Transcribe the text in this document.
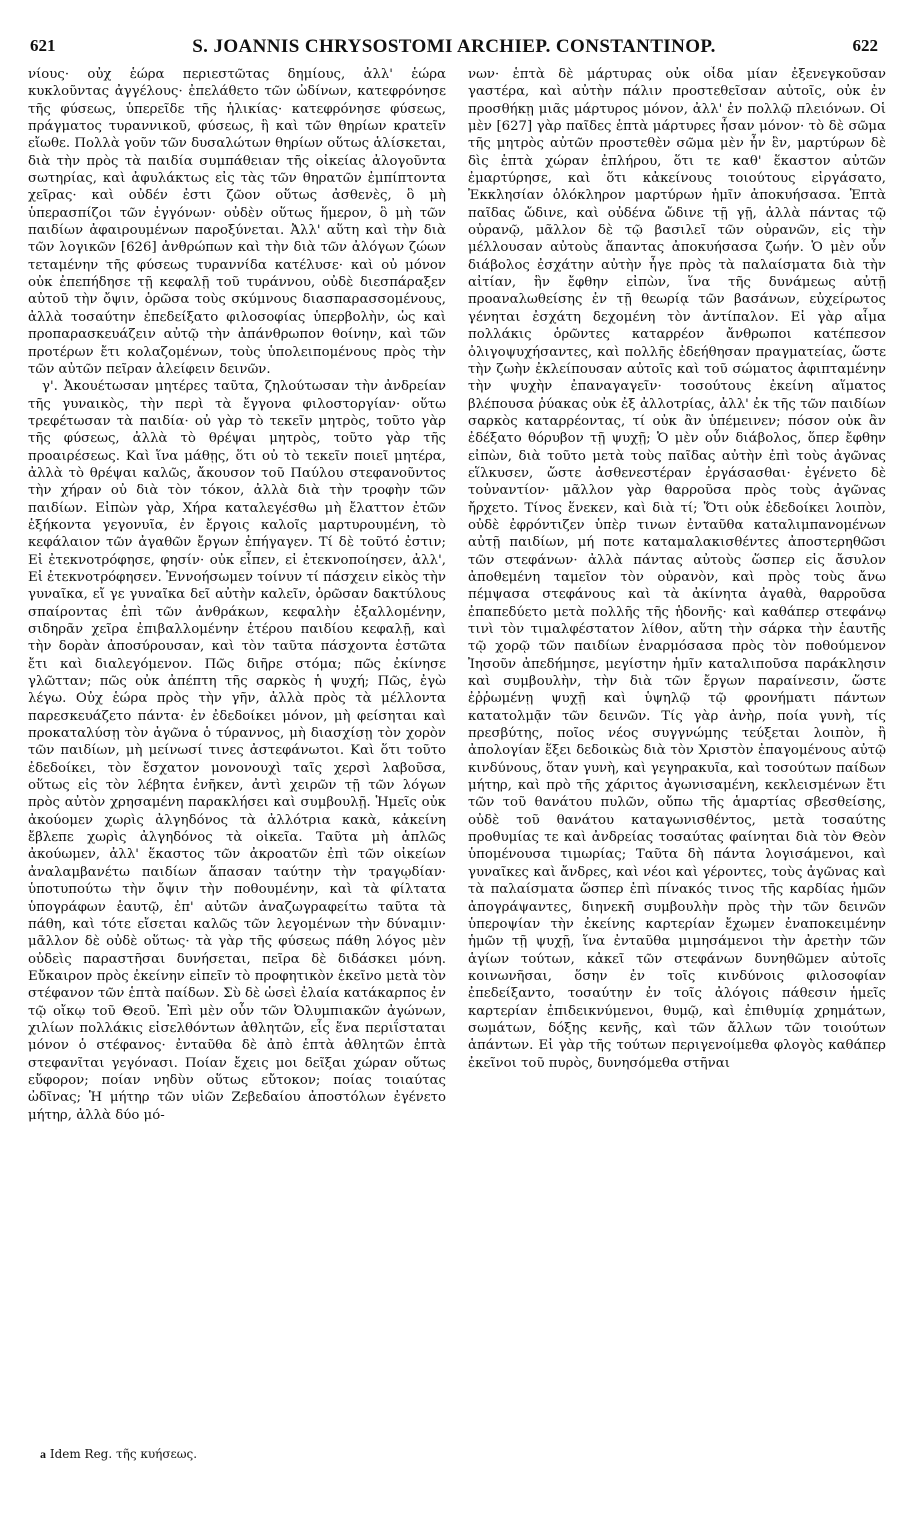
621	S. JOANNIS CHRYSOSTOMI ARCHIEP. CONSTANTINOP.	622

νίους· οὐχ ἑώρα περιεστῶτας δημίους, ἀλλ' ἑώρα κυκλοῦντας ἀγγέλους· ἐπελάθετο τῶν ὠδίνων, κατεφρόνησε τῆς φύσεως, ὑπερεῖδε τῆς ἡλικίας· κατεφρόνησε φύσεως, πράγματος τυραννικοῦ, φύσεως, ἣ καὶ τῶν θηρίων κρατεῖν εἴωθε. Πολλὰ γοῦν τῶν δυσαλώτων θηρίων οὕτως ἁλίσκεται, διὰ τὴν πρὸς τὰ παιδία συμπάθειαν τῆς οἰκείας ἀλογοῦντα σωτηρίας, καὶ ἀφυλάκτως εἰς τὰς τῶν θηρατῶν ἐμπίπτοντα χεῖρας· καὶ οὐδέν ἐστι ζῶον οὕτως ἀσθενὲς, ὃ μὴ ὑπερασπίζοι τῶν ἐγγόνων· οὐδὲν οὕτως ἥμερον, ὃ μὴ τῶν παιδίων ἀφαιρουμένων παροξύνεται. Ἀλλ' αὕτη καὶ τὴν διὰ τῶν λογικῶν [626] ἀνθρώπων καὶ τὴν διὰ τῶν ἀλόγων ζώων τεταμένην τῆς φύσεως τυραννίδα κατέλυσε· καὶ οὐ μόνον οὐκ ἐπεπήδησε τῇ κεφαλῇ τοῦ τυράννου, οὐδὲ διεσπάραξεν αὐτοῦ τὴν ὄψιν, ὁρῶσα τοὺς σκύμνους διασπαρασσομένους, ἀλλὰ τοσαύτην ἐπεδείξατο φιλοσοφίας ὑπερβολὴν, ὡς καὶ προπαρασκευάζειν αὐτῷ τὴν ἀπάνθρωπον θοίνην, καὶ τῶν προτέρων ἔτι κολαζομένων, τοὺς ὑπολειπομένους πρὸς τὴν τῶν αὐτῶν πεῖραν ἀλείφειν δεινῶν.

γ'. Ἀκουέτωσαν μητέρες ταῦτα, ζηλούτωσαν τὴν ἀνδρείαν τῆς γυναικὸς, τὴν περὶ τὰ ἔγγονα φιλοστοργίαν· οὕτω τρεφέτωσαν τὰ παιδία· οὐ γὰρ τὸ τεκεῖν μητρὸς, τοῦτο γὰρ τῆς φύσεως, ἀλλὰ τὸ θρέψαι μητρὸς, τοῦτο γὰρ τῆς προαιρέσεως. Καὶ ἵνα μάθῃς, ὅτι οὐ τὸ τεκεῖν ποιεῖ μητέρα, ἀλλὰ τὸ θρέψαι καλῶς, ἄκουσον τοῦ Παύλου στεφανοῦντος τὴν χήραν οὐ διὰ τὸν τόκον, ἀλλὰ διὰ τὴν τροφὴν τῶν παιδίων. Εἰπὼν γὰρ, Χήρα καταλεγέσθω μὴ ἔλαττον ἐτῶν ἑξήκοντα γεγονυῖα, ἐν ἔργοις καλοῖς μαρτυρουμένη, τὸ κεφάλαιον τῶν ἀγαθῶν ἔργων ἐπήγαγεν. Τί δὲ τοῦτό ἐστιν; Εἰ ἐτεκνοτρόφησε, φησίν· οὐκ εἶπεν, εἰ ἐτεκνοποίησεν, ἀλλ', Εἰ ἐτεκνοτρόφησεν. Ἐννοήσωμεν τοίνυν τί πάσχειν εἰκὸς τὴν γυναῖκα, εἴ γε γυναῖκα δεῖ αὐτὴν καλεῖν, ὁρῶσαν δακτύλους σπαίροντας ἐπὶ τῶν ἀνθράκων, κεφαλὴν ἐξαλλομένην, σιδηρᾶν χεῖρα ἐπιβαλλομένην ἑτέρου παιδίου κεφαλῇ, καὶ τὴν δορὰν ἀποσύρουσαν, καὶ τὸν ταῦτα πάσχοντα ἑστῶτα ἔτι καὶ διαλεγόμενον. Πῶς διῆρε στόμα; πῶς ἐκίνησε γλῶτταν; πῶς οὐκ ἀπέπτη τῆς σαρκὸς ἡ ψυχή; Πῶς, ἐγὼ λέγω. Οὐχ ἑώρα πρὸς τὴν γῆν, ἀλλὰ πρὸς τὰ μέλλοντα παρεσκευάζετο πάντα· ἐν ἐδεδοίκει μόνον, μὴ φείσηται καὶ προκαταλύσῃ τὸν ἀγῶνα ὁ τύραννος, μὴ διασχίσῃ τὸν χορὸν τῶν παιδίων, μὴ μείνωσί τινες ἀστεφάνωτοι. Καὶ ὅτι τοῦτο ἐδεδοίκει, τὸν ἔσχατον μονονουχὶ ταῖς χερσὶ λαβοῦσα, οὕτως εἰς τὸν λέβητα ἐνῆκεν, ἀντὶ χειρῶν τῇ τῶν λόγων πρὸς αὐτὸν χρησαμένη παρακλήσει καὶ συμβουλῇ. Ἡμεῖς οὐκ ἀκούομεν χωρὶς ἀλγηδόνος τὰ ἀλλότρια κακὰ, κἀκείνη ἔβλεπε χωρὶς ἀλγηδόνος τὰ οἰκεῖα. Ταῦτα μὴ ἁπλῶς ἀκούωμεν, ἀλλ' ἕκαστος τῶν ἀκροατῶν ἐπὶ τῶν οἰκείων ἀναλαμβανέτω παιδίων ἅπασαν ταύτην τὴν τραγῳδίαν· ὑποτυπούτω τὴν ὄψιν τὴν ποθουμένην, καὶ τὰ φίλτατα ὑπογράφων ἑαυτῷ, ἐπ' αὐτῶν ἀναζωγραφείτω ταῦτα τὰ πάθη, καὶ τότε εἴσεται καλῶς τῶν λεγομένων τὴν δύναμιν· μᾶλλον δὲ οὐδὲ οὕτως· τὰ γὰρ τῆς φύσεως πάθη λόγος μὲν οὐδεὶς παραστῆσαι δυνήσεται, πεῖρα δὲ διδάσκει μόνη. Εὔκαιρον πρὸς ἐκείνην εἰπεῖν τὸ προφητικὸν ἐκεῖνο μετὰ τὸν στέφανον τῶν ἑπτὰ παίδων. Σὺ δὲ ὡσεὶ ἐλαία κατάκαρπος ἐν τῷ οἴκῳ τοῦ Θεοῦ. Ἐπὶ μὲν οὖν τῶν Ὀλυμπιακῶν ἀγώνων, χιλίων πολλάκις εἰσελθόντων ἀθλητῶν, εἷς ἕνα περιΐσταται μόνον ὁ στέφανος· ἐνταῦθα δὲ ἀπὸ ἑπτὰ ἀθλητῶν ἑπτὰ στεφανῖται γεγόνασι. Ποίαν ἔχεις μοι δεῖξαι χώραν οὕτως εὔφορον; ποίαν νηδὺν οὕτως εὔτοκον; ποίας τοιαύτας ὠδῖνας; Ἡ μήτηρ τῶν υἱῶν Ζεβεδαίου ἀποστόλων ἐγένετο μήτηρ, ἀλλὰ δύο μό-

νων· ἑπτὰ δὲ μάρτυρας οὐκ οἶδα μίαν ἐξενεγκοῦσαν γαστέρα, καὶ αὐτὴν πάλιν προστεθεῖσαν αὐτοῖς, οὐκ ἐν προσθήκῃ μιᾶς μάρτυρος μόνον, ἀλλ' ἐν πολλῷ πλειόνων. Οἱ μὲν [627] γὰρ παῖδες ἑπτὰ μάρτυρες ἦσαν μόνον· τὸ δὲ σῶμα τῆς μητρὸς αὐτῶν προστεθὲν σῶμα μὲν ἦν ἓν, μαρτύρων δὲ δὶς ἑπτὰ χώραν ἐπλήρου, ὅτι τε καθ' ἕκαστον αὐτῶν ἐμαρτύρησε, καὶ ὅτι κἀκείνους τοιούτους εἰργάσατο, Ἐκκλησίαν ὁλόκληρον μαρτύρων ἡμῖν ἀποκυήσασα. Ἑπτὰ παῖδας ὤδινε, καὶ οὐδένα ὤδινε τῇ γῇ, ἀλλὰ πάντας τῷ οὐρανῷ, μᾶλλον δὲ τῷ βασιλεῖ τῶν οὐρανῶν, εἰς τὴν μέλλουσαν αὐτοὺς ἅπαντας ἀποκυήσασα ζωήν. Ὁ μὲν οὖν διάβολος ἐσχάτην αὐτὴν ἦγε πρὸς τὰ παλαίσματα διὰ τὴν αἰτίαν, ἣν ἔφθην εἰπὼν, ἵνα τῆς δυνάμεως αὐτῇ προαναλωθείσης ἐν τῇ θεωρίᾳ τῶν βασάνων, εὐχείρωτος γένηται ἐσχάτη δεχομένη τὸν ἀντίπαλον. Εἰ γὰρ αἷμα πολλάκις ὁρῶντες καταρρέον ἄνθρωποι κατέπεσον ὀλιγοψυχήσαντες, καὶ πολλῆς ἐδεήθησαν πραγματείας, ὥστε τὴν ζωὴν ἐκλείπουσαν αὐτοῖς καὶ τοῦ σώματος ἀφιπταμένην τὴν ψυχὴν ἐπαναγαγεῖν· τοσούτους ἐκείνη αἵματος βλέπουσα ῥύακας οὐκ ἐξ ἀλλοτρίας, ἀλλ' ἐκ τῆς τῶν παιδίων σαρκὸς καταρρέοντας, τί οὐκ ἂν ὑπέμεινεν; πόσον οὐκ ἂν ἐδέξατο θόρυβον τῇ ψυχῇ; Ὁ μὲν οὖν διάβολος, ὅπερ ἔφθην εἰπὼν, διὰ τοῦτο μετὰ τοὺς παῖδας αὐτὴν ἐπὶ τοὺς ἀγῶνας εἵλκυσεν, ὥστε ἀσθενεστέραν ἐργάσασθαι· ἐγένετο δὲ τοὐναντίον· μᾶλλον γὰρ θαρροῦσα πρὸς τοὺς ἀγῶνας ἤρχετο. Τίνος ἕνεκεν, καὶ διὰ τί; Ὅτι οὐκ ἐδεδοίκει λοιπὸν, οὐδὲ ἐφρόντιζεν ὑπὲρ τινων ἐνταῦθα καταλιμπανομένων αὐτῇ παιδίων, μή ποτε καταμαλακισθέντες ἀποστερηθῶσι τῶν στεφάνων· ἀλλὰ πάντας αὐτοὺς ὥσπερ εἰς ἄσυλον ἀποθεμένη ταμεῖον τὸν οὐρανὸν, καὶ πρὸς τοὺς ἄνω πέμψασα στεφάνους καὶ τὰ ἀκίνητα ἀγαθὰ, θαρροῦσα ἐπαπεδύετο μετὰ πολλῆς τῆς ἡδονῆς· καὶ καθάπερ στεφάνῳ τινὶ τὸν τιμαλφέστατον λίθον, αὕτη τὴν σάρκα τὴν ἑαυτῆς τῷ χορῷ τῶν παιδίων ἐναρμόσασα πρὸς τὸν ποθούμενον Ἰησοῦν ἀπεδήμησε, μεγίστην ἡμῖν καταλιποῦσα παράκλησιν καὶ συμβουλὴν, τὴν διὰ τῶν ἔργων παραίνεσιν, ὥστε ἐῤῥωμένῃ ψυχῇ καὶ ὑψηλῷ τῷ φρονήματι πάντων κατατολμᾷν τῶν δεινῶν. Τίς γὰρ ἀνὴρ, ποία γυνὴ, τίς πρεσβύτης, ποῖος νέος συγγνώμης τεύξεται λοιπὸν, ἢ ἀπολογίαν ἕξει δεδοικὼς διὰ τὸν Χριστὸν ἐπαγομένους αὐτῷ κινδύνους, ὅταν γυνὴ, καὶ γεγηρακυῖα, καὶ τοσούτων παίδων μήτηρ, καὶ πρὸ τῆς χάριτος ἀγωνισαμένη, κεκλεισμένων ἔτι τῶν τοῦ θανάτου πυλῶν, οὔπω τῆς ἁμαρτίας σβεσθείσης, οὐδὲ τοῦ θανάτου καταγωνισθέντος, μετὰ τοσαύτης προθυμίας τε καὶ ἀνδρείας τοσαύτας φαίνηται διὰ τὸν Θεὸν ὑπομένουσα τιμωρίας; Ταῦτα δὴ πάντα λογισάμενοι, καὶ γυναῖκες καὶ ἄνδρες, καὶ νέοι καὶ γέροντες, τοὺς ἀγῶνας καὶ τὰ παλαίσματα ὥσπερ ἐπὶ πίνακός τινος τῆς καρδίας ἡμῶν ἀπογράψαντες, διηνεκῆ συμβουλὴν πρὸς τὴν τῶν δεινῶν ὑπεροψίαν τὴν ἐκείνης καρτερίαν ἔχωμεν ἐναποκειμένην ἡμῶν τῇ ψυχῇ, ἵνα ἐνταῦθα μιμησάμενοι τὴν ἀρετὴν τῶν ἁγίων τούτων, κἀκεῖ τῶν στεφάνων δυνηθῶμεν αὐτοῖς κοινωνῆσαι, ὅσην ἐν τοῖς κινδύνοις φιλοσοφίαν ἐπεδείξαντο, τοσαύτην ἐν τοῖς ἀλόγοις πάθεσιν ἡμεῖς καρτερίαν ἐπιδεικνύμενοι, θυμῷ, καὶ ἐπιθυμίᾳ χρημάτων, σωμάτων, δόξης κενῆς, καὶ τῶν ἄλλων τῶν τοιούτων ἁπάντων. Εἰ γὰρ τῆς τούτων περιγενοίμεθα φλογὸς καθάπερ ἐκεῖνοι τοῦ πυρὸς, δυνησόμεθα στῆναι

a Idem Reg. τῆς κυήσεως.
